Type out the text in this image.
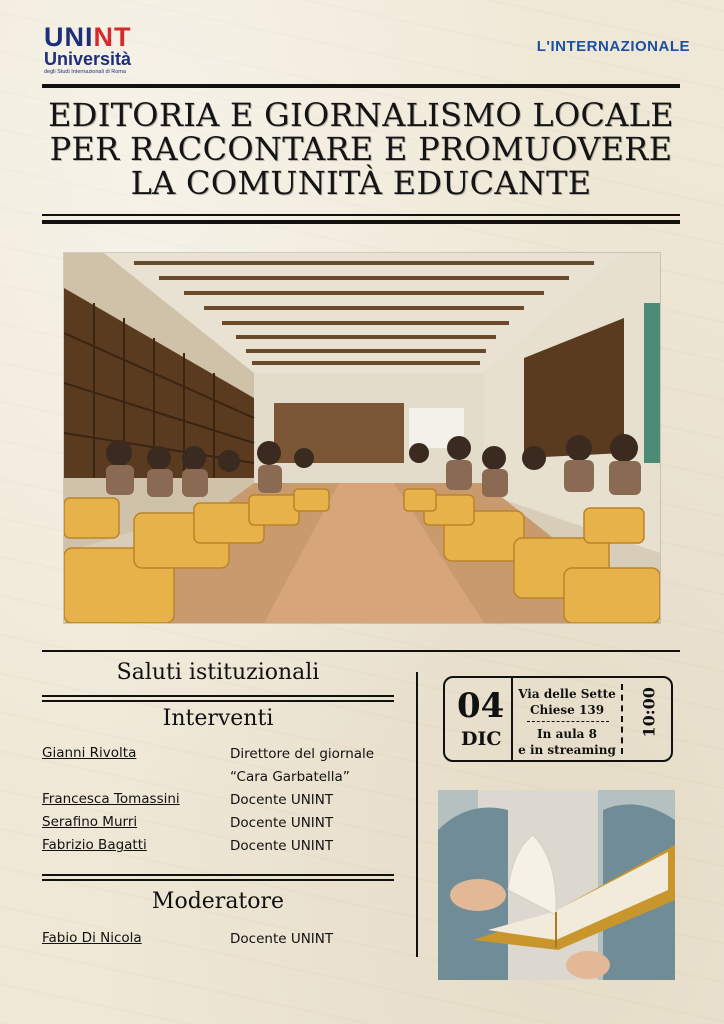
UNINT
Università
degli Studi Internazionali di Roma
L'INTERNAZIONALE
EDITORIA E GIORNALISMO LOCALE
PER RACCONTARE E PROMUOVERE
LA COMUNITÀ EDUCANTE
Saluti istituzionali
Interventi
Gianni Rivolta	Direttore del giornale
“Cara Garbatella”
Francesca Tomassini	Docente UNINT
Serafino Murri	Docente UNINT
Fabrizio Bagatti	Docente UNINT
Moderatore
Fabio Di Nicola	Docente UNINT
04
DIC
Via delle Sette
Chiese 139
In aula 8
e in streaming
10:00
